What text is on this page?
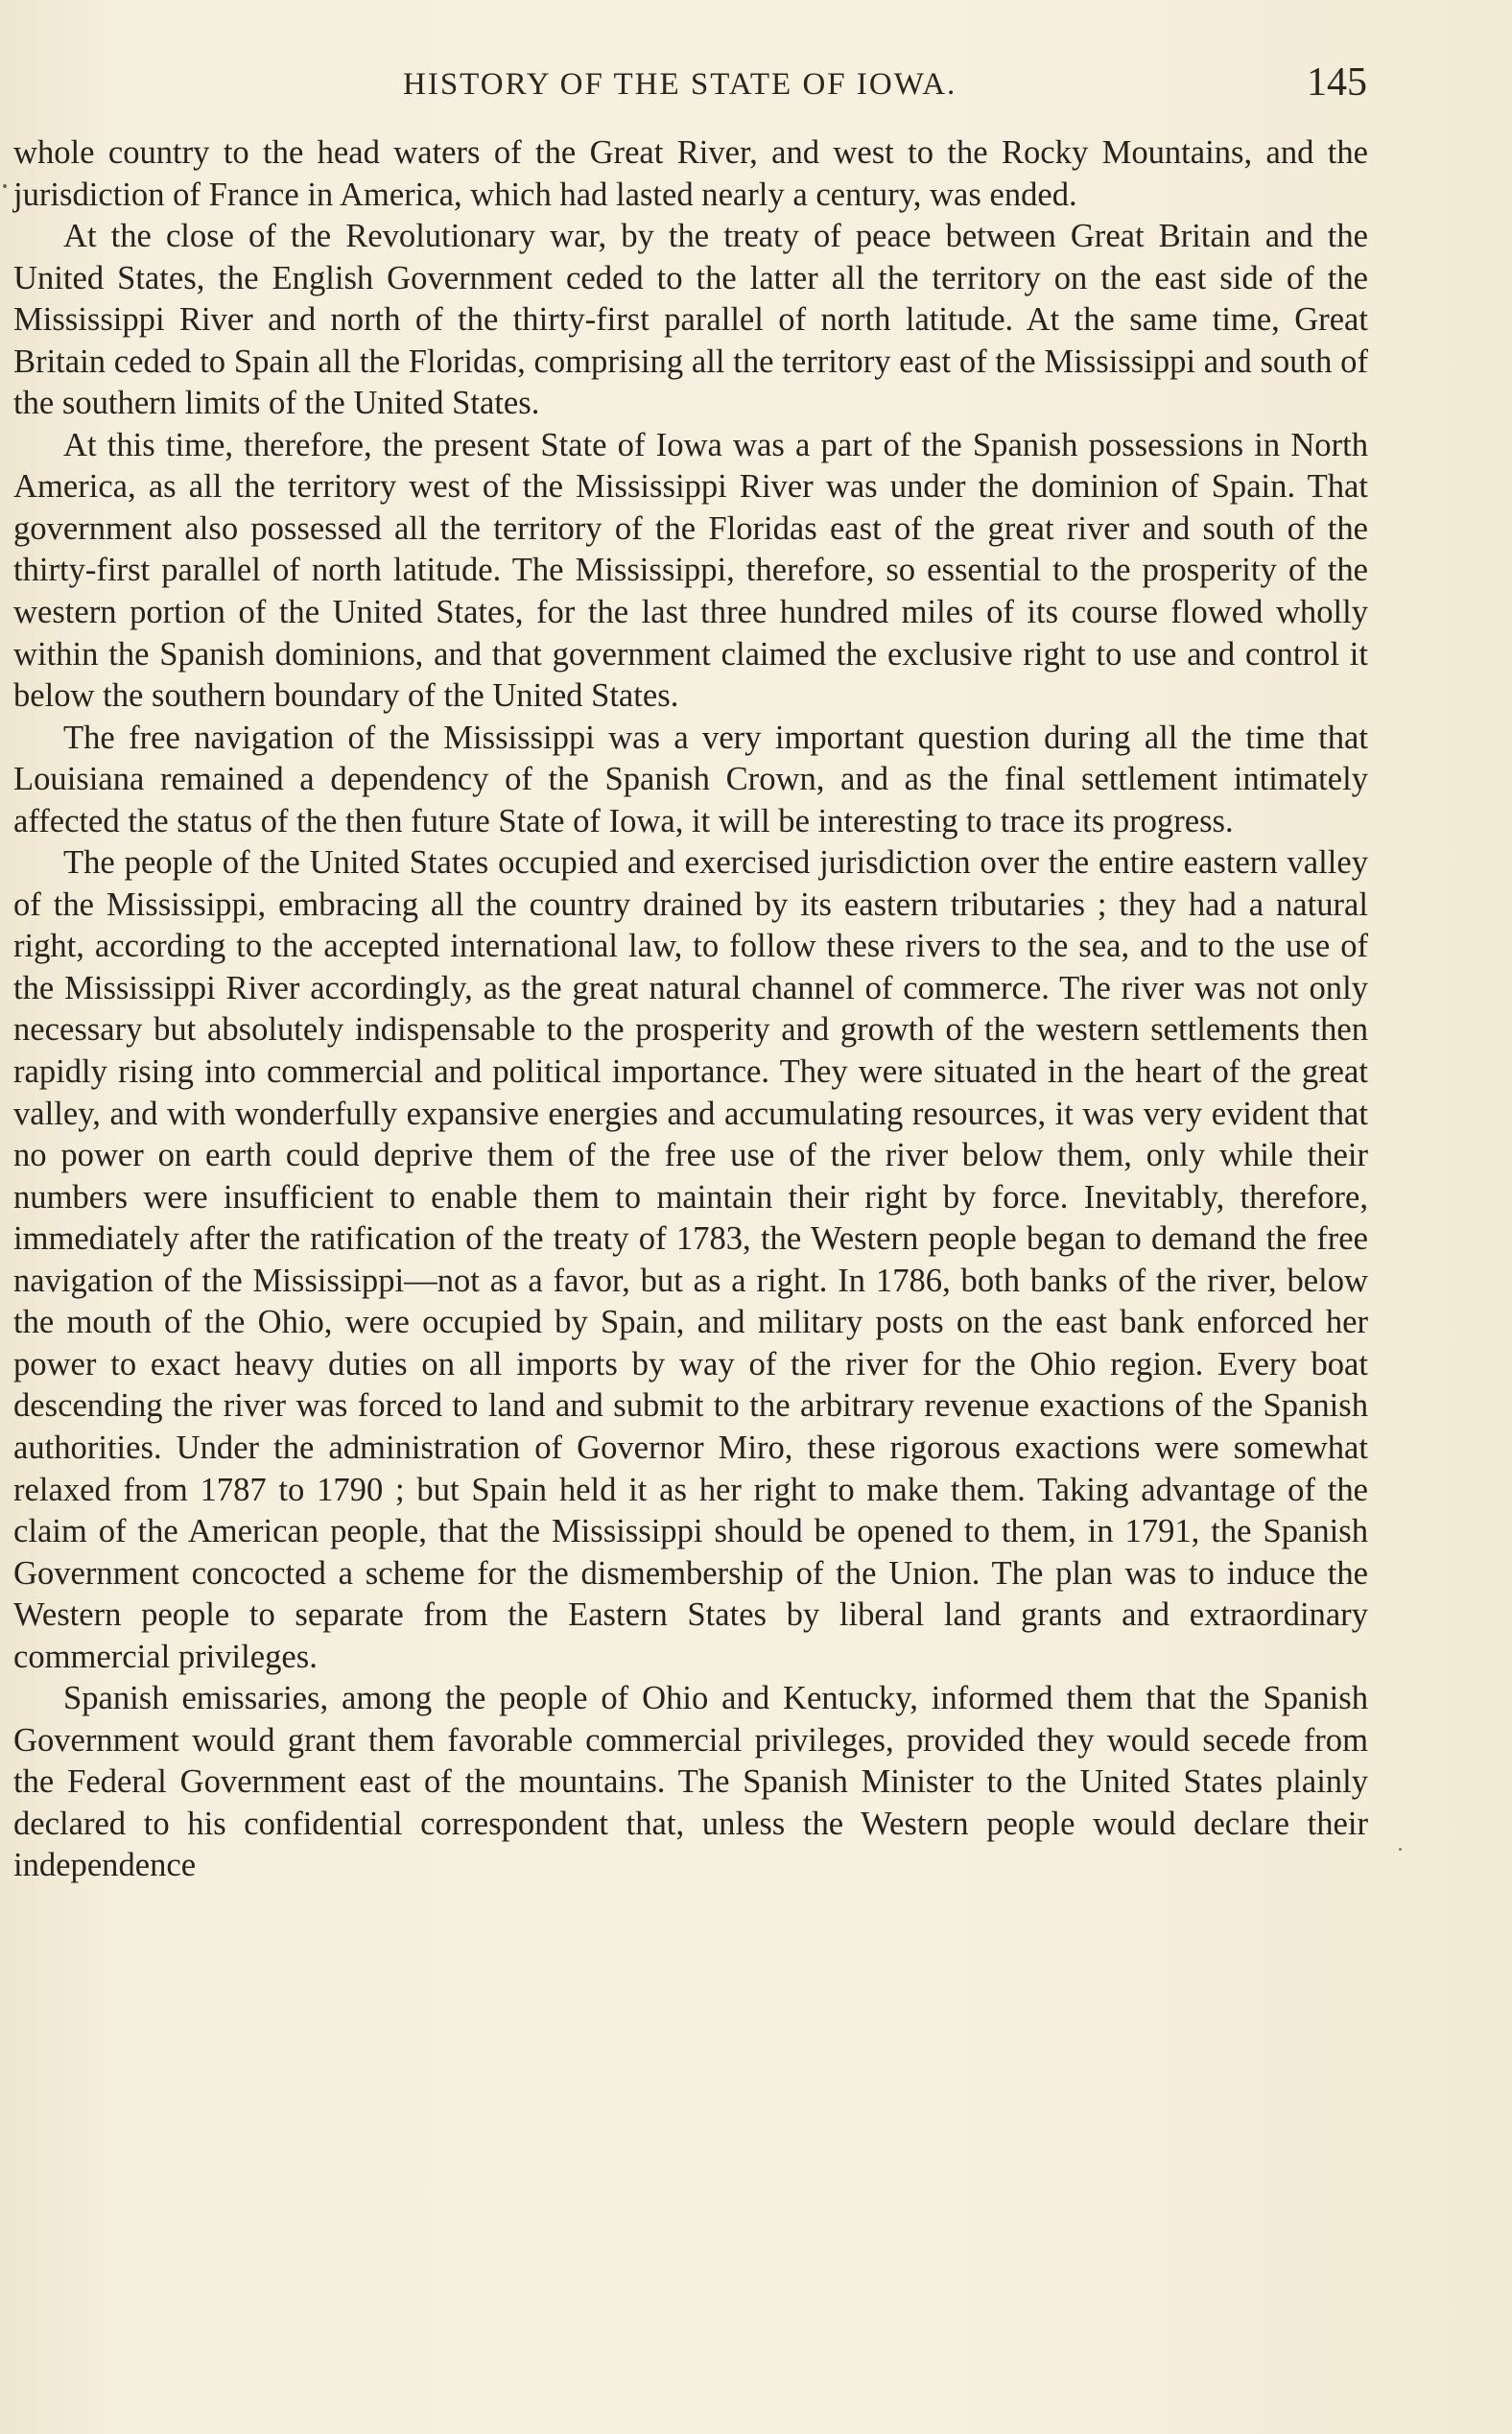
HISTORY OF THE STATE OF IOWA.	145

whole country to the head waters of the Great River, and west to the Rocky Mountains, and the jurisdiction of France in America, which had lasted nearly a century, was ended.

At the close of the Revolutionary war, by the treaty of peace between Great Britain and the United States, the English Government ceded to the latter all the territory on the east side of the Mississippi River and north of the thirty-first parallel of north latitude. At the same time, Great Britain ceded to Spain all the Floridas, comprising all the territory east of the Mississippi and south of the southern limits of the United States.

At this time, therefore, the present State of Iowa was a part of the Spanish possessions in North America, as all the territory west of the Mississippi River was under the dominion of Spain. That government also possessed all the territory of the Floridas east of the great river and south of the thirty-first parallel of north latitude. The Mississippi, therefore, so essential to the prosperity of the western portion of the United States, for the last three hundred miles of its course flowed wholly within the Spanish dominions, and that government claimed the exclusive right to use and control it below the southern boundary of the United States.

The free navigation of the Mississippi was a very important question during all the time that Louisiana remained a dependency of the Spanish Crown, and as the final settlement intimately affected the status of the then future State of Iowa, it will be interesting to trace its progress.

The people of the United States occupied and exercised jurisdiction over the entire eastern valley of the Mississippi, embracing all the country drained by its eastern tributaries ; they had a natural right, according to the accepted international law, to follow these rivers to the sea, and to the use of the Mississippi River accordingly, as the great natural channel of commerce. The river was not only necessary but absolutely indispensable to the prosperity and growth of the western settlements then rapidly rising into commercial and political importance. They were situated in the heart of the great valley, and with wonderfully expansive energies and accumulating resources, it was very evident that no power on earth could deprive them of the free use of the river below them, only while their numbers were insufficient to enable them to maintain their right by force. Inevitably, therefore, immediately after the ratification of the treaty of 1783, the Western people began to demand the free navigation of the Mississippi—not as a favor, but as a right. In 1786, both banks of the river, below the mouth of the Ohio, were occupied by Spain, and military posts on the east bank enforced her power to exact heavy duties on all imports by way of the river for the Ohio region. Every boat descending the river was forced to land and submit to the arbitrary revenue exactions of the Spanish authorities. Under the administration of Governor Miro, these rigorous exactions were somewhat relaxed from 1787 to 1790 ; but Spain held it as her right to make them. Taking advantage of the claim of the American people, that the Mississippi should be opened to them, in 1791, the Spanish Government concocted a scheme for the dismembership of the Union. The plan was to induce the Western people to separate from the Eastern States by liberal land grants and extraordinary commercial privileges.

Spanish emissaries, among the people of Ohio and Kentucky, informed them that the Spanish Government would grant them favorable commercial privileges, provided they would secede from the Federal Government east of the mountains. The Spanish Minister to the United States plainly declared to his confidential correspondent that, unless the Western people would declare their independence
